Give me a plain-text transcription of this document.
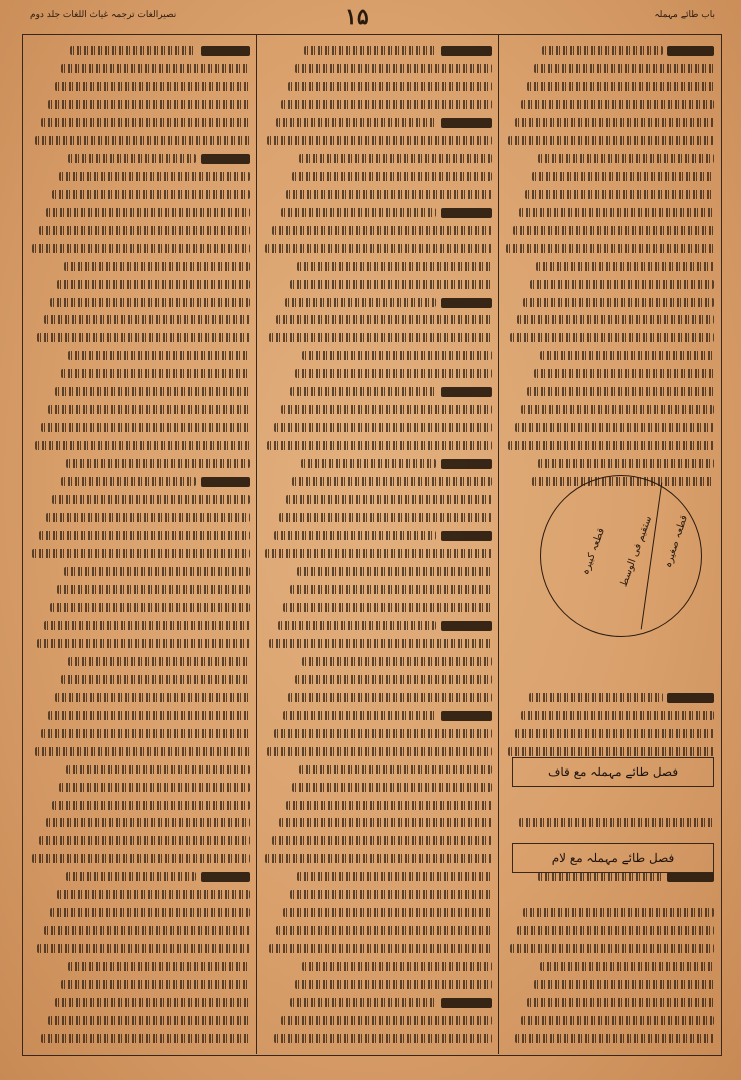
نصیرالغات ترجمہ غیاث اللغات جلد دوم	۱۵	باب طائے مہملہ
قطعہ کبیرہ ستقیم فی الوسط قطعہ صغیرہ
فصل طائے مہملہ مع قاف
فصل طائے مہملہ مع لام
